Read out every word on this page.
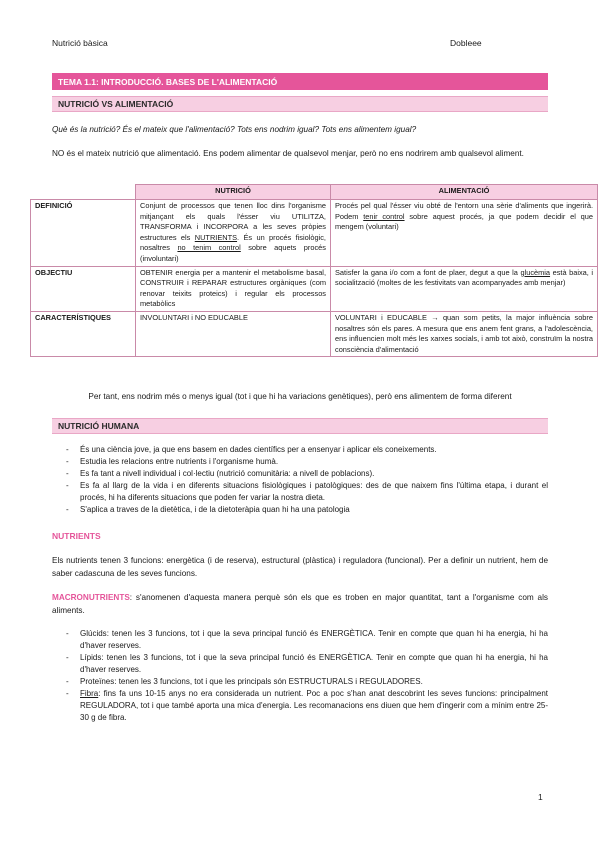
Nutrició bàsica	Dobleee
TEMA 1.1: INTRODUCCIÓ. BASES DE L'ALIMENTACIÓ
NUTRICIÓ VS ALIMENTACIÓ
Què és la nutrició? És el mateix que l'alimentació? Tots ens nodrim igual? Tots ens alimentem igual?
NO és el mateix nutrició que alimentació. Ens podem alimentar de qualsevol menjar, però no ens nodrirem amb qualsevol aliment.
	NUTRICIÓ	ALIMENTACIÓ
DEFINICIÓ	Conjunt de processos que tenen lloc dins l'organisme mitjançant els quals l'ésser viu UTILITZA, TRANSFORMA i INCORPORA a les seves pròpies estructures els NUTRIENTS. És un procés fisiològic, nosaltres no tenim control sobre aquets procés (involuntari)	Procés pel qual l'ésser viu obté de l'entorn una sèrie d'aliments que ingerirà. Podem tenir control sobre aquest procés, ja que podem decidir el que mengem (voluntari)
OBJECTIU	OBTENIR energia per a mantenir el metabolisme basal, CONSTRUIR i REPARAR estructures orgàniques (com renovar teixits proteics) i regular els processos metabòlics	Satisfer la gana i/o com a font de plaer, degut a que la glucèmia està baixa, i socialització (moltes de les festivitats van acompanyades amb menjar)
CARACTERÍSTIQUES	INVOLUNTARI i NO EDUCABLE	VOLUNTARI i EDUCABLE → quan som petits, la major influència sobre nosaltres són els pares. A mesura que ens anem fent grans, a l'adolescència, ens influencien molt més les xarxes socials, i amb tot això, construïm la nostra consciència d'alimentació
Per tant, ens nodrim més o menys igual (tot i que hi ha variacions genètiques), però ens alimentem de forma diferent
NUTRICIÓ HUMANA
- És una ciència jove, ja que ens basem en dades científics per a ensenyar i aplicar els coneixements.
- Estudia les relacions entre nutrients i l'organisme humà.
- Es fa tant a nivell individual i col·lectiu (nutrició comunitària: a nivell de poblacions).
- Es fa al llarg de la vida i en diferents situacions fisiològiques i patològiques: des de que naixem fins l'última etapa, i durant el procés, hi ha diferents situacions que poden fer variar la nostra dieta.
- S'aplica a traves de la dietètica, i de la dietoteràpia quan hi ha una patologia
NUTRIENTS
Els nutrients tenen 3 funcions: energètica (i de reserva), estructural (plàstica) i reguladora (funcional). Per a definir un nutrient, hem de saber cadascuna de les seves funcions.
MACRONUTRIENTS: s'anomenen d'aquesta manera perquè són els que es troben en major quantitat, tant a l'organisme com als aliments.
- Glúcids: tenen les 3 funcions, tot i que la seva principal funció és ENERGÈTICA. Tenir en compte que quan hi ha energia, hi ha d'haver reserves.
- Lípids: tenen les 3 funcions, tot i que la seva principal funció és ENERGÈTICA. Tenir en compte que quan hi ha energia, hi ha d'haver reserves.
- Proteïnes: tenen les 3 funcions, tot i que les principals són ESTRUCTURALS i REGULADORES.
- Fibra: fins fa uns 10-15 anys no era considerada un nutrient. Poc a poc s'han anat descobrint les seves funcions: principalment REGULADORA, tot i que també aporta una mica d'energia. Les recomanacions ens diuen que hem d'ingerir com a mínim entre 25-30 g de fibra.
1
